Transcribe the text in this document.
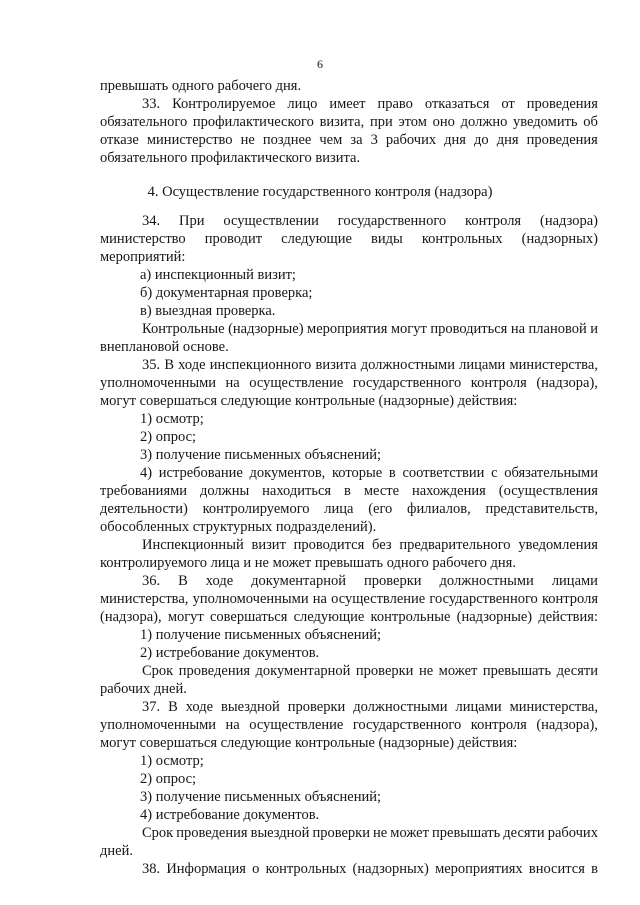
6
4. Осуществление государственного контроля (надзора)
превышать одного рабочего дня.
33. Контролируемое лицо имеет право отказаться от проведения
обязательного профилактического визита, при этом оно должно уведомить об
отказе министерство не позднее чем за 3 рабочих дня до дня проведения
обязательного профилактического визита.
34. При осуществлении государственного контроля (надзора)
министерство проводит следующие виды контрольных (надзорных)
мероприятий:
а) инспекционный визит;
б) документарная проверка;
в) выездная проверка.
Контрольные (надзорные) мероприятия могут проводиться на плановой и
внеплановой основе.
35. В ходе инспекционного визита должностными лицами министерства,
уполномоченными на осуществление государственного контроля (надзора),
могут совершаться следующие контрольные (надзорные) действия:
1) осмотр;
2) опрос;
3) получение письменных объяснений;
4) истребование документов, которые в соответствии с обязательными
требованиями должны находиться в месте нахождения (осуществления
деятельности) контролируемого лица (его филиалов, представительств,
обособленных структурных подразделений).
Инспекционный визит проводится без предварительного уведомления
контролируемого лица и не может превышать одного рабочего дня.
36. В ходе документарной проверки должностными лицами
министерства, уполномоченными на осуществление государственного контроля
(надзора), могут совершаться следующие контрольные (надзорные) действия:
1) получение письменных объяснений;
2) истребование документов.
Срок проведения документарной проверки не может превышать десяти
рабочих дней.
37. В ходе выездной проверки должностными лицами министерства,
уполномоченными на осуществление государственного контроля (надзора),
могут совершаться следующие контрольные (надзорные) действия:
1) осмотр;
2) опрос;
3) получение письменных объяснений;
4) истребование документов.
Срок проведения выездной проверки не может превышать десяти рабочих
дней.
38. Информация о контрольных (надзорных) мероприятиях вносится в
